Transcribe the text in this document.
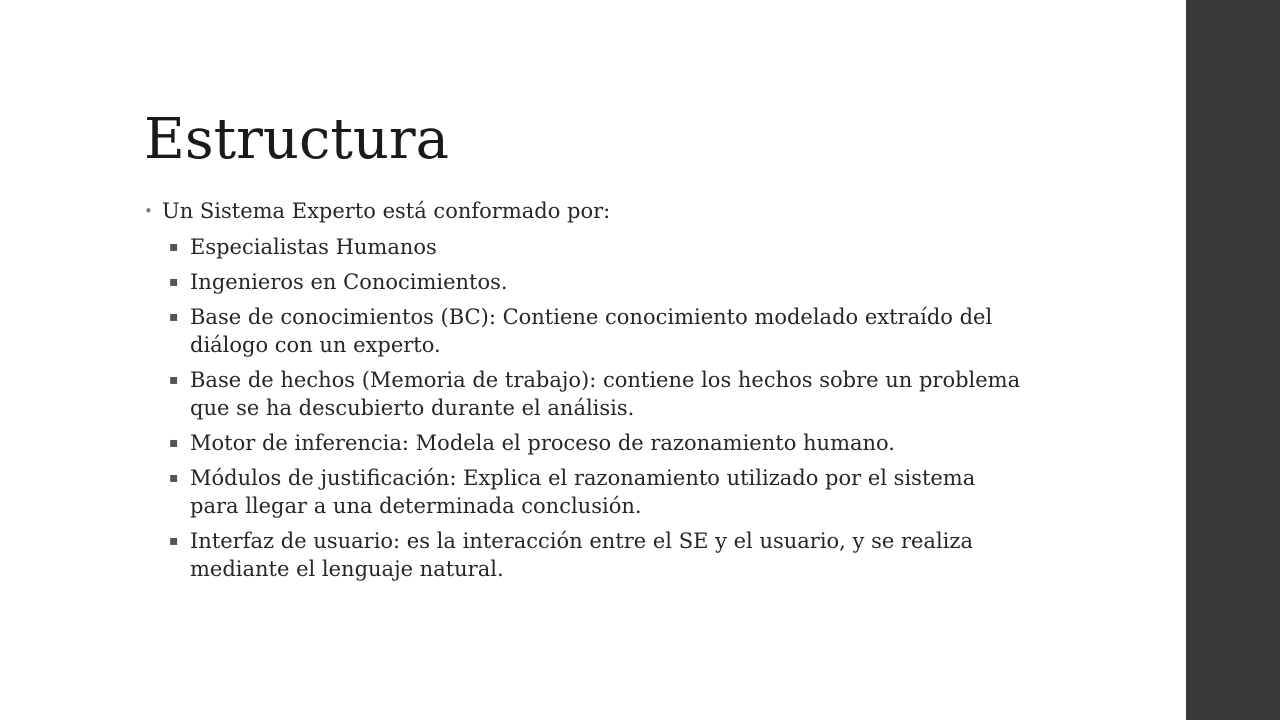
Estructura
• Un Sistema Experto está conformado por:
▪ Especialistas Humanos
▪ Ingenieros en Conocimientos.
▪ Base de conocimientos (BC): Contiene conocimiento modelado extraído del diálogo con un experto.
▪ Base de hechos (Memoria de trabajo): contiene los hechos sobre un problema que se ha descubierto durante el análisis.
▪ Motor de inferencia: Modela el proceso de razonamiento humano.
▪ Módulos de justificación: Explica el razonamiento utilizado por el sistema para llegar a una determinada conclusión.
▪ Interfaz de usuario: es la interacción entre el SE y el usuario, y se realiza mediante el lenguaje natural.
